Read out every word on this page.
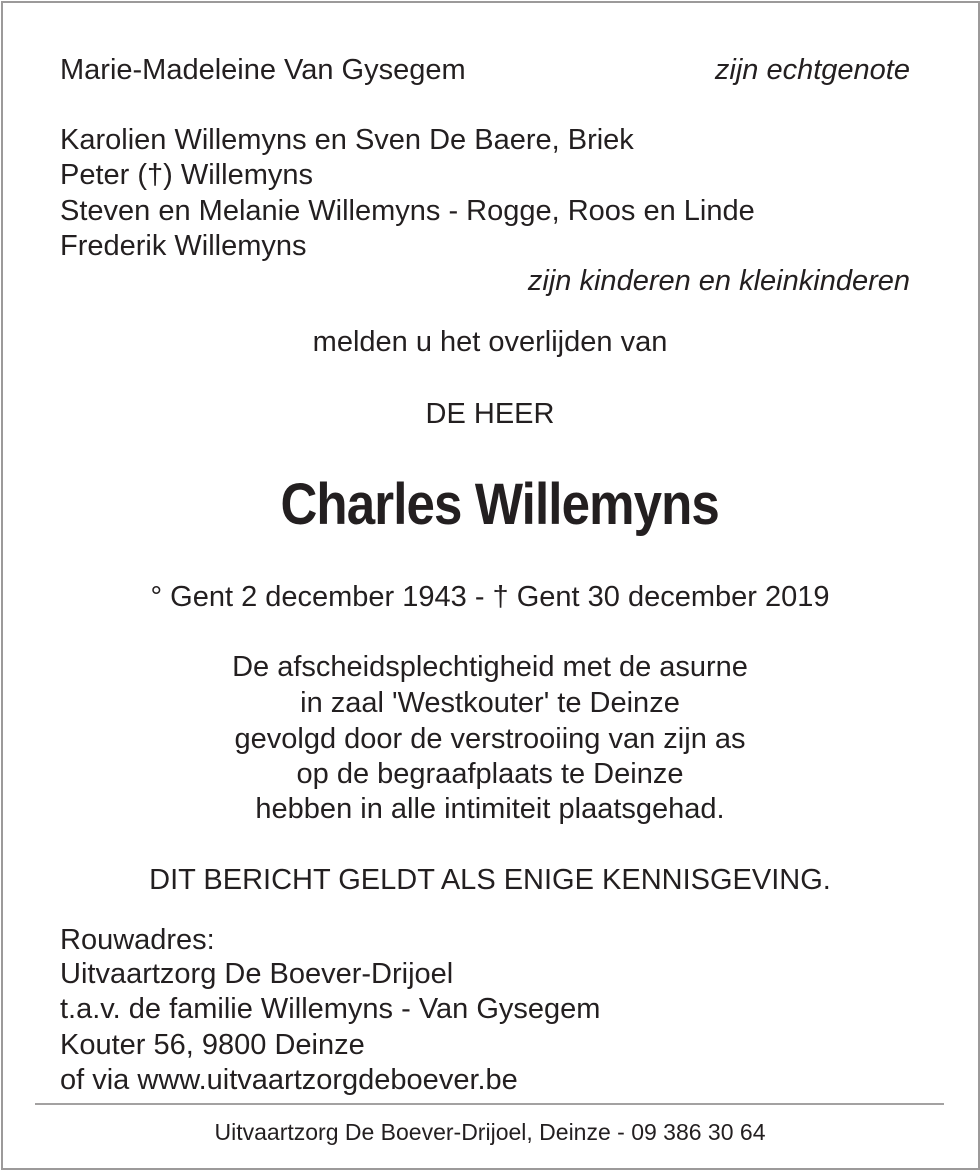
Marie-Madeleine Van Gysegem	zijn echtgenote
Karolien Willemyns en Sven De Baere, Briek
Peter (†) Willemyns
Steven en Melanie Willemyns - Rogge, Roos en Linde
Frederik Willemyns
zijn kinderen en kleinkinderen
melden u het overlijden van
DE HEER
Charles Willemyns
° Gent 2 december 1943 - † Gent 30 december 2019
De afscheidsplechtigheid met de asurne
in zaal 'Westkouter' te Deinze
gevolgd door de verstrooiing van zijn as
op de begraafplaats te Deinze
hebben in alle intimiteit plaatsgehad.
DIT BERICHT GELDT ALS ENIGE KENNISGEVING.
Rouwadres:
Uitvaartzorg De Boever-Drijoel
t.a.v. de familie Willemyns - Van Gysegem
Kouter 56, 9800 Deinze
of via www.uitvaartzorgdeboever.be
Uitvaartzorg De Boever-Drijoel, Deinze - 09 386 30 64
